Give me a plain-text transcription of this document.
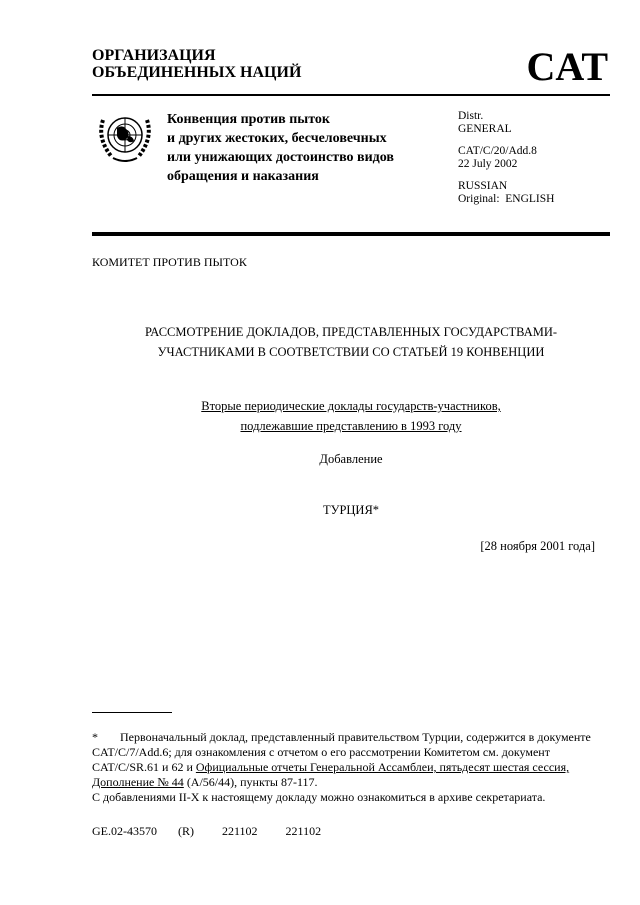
ОРГАНИЗАЦИЯ
ОБЪЕДИНЕННЫХ НАЦИЙ	CAT
Конвенция против пыток
и других жестоких, бесчеловечных
или унижающих достоинство видов
обращения и наказания
Distr.
GENERAL
CAT/C/20/Add.8
22 July 2002
RUSSIAN
Original:  ENGLISH
КОМИТЕТ ПРОТИВ ПЫТОК
РАССМОТРЕНИЕ ДОКЛАДОВ, ПРЕДСТАВЛЕННЫХ ГОСУДАРСТВАМИ-
УЧАСТНИКАМИ В СООТВЕТСТВИИ СО СТАТЬЕЙ 19 КОНВЕНЦИИ
Вторые периодические доклады государств-участников,
подлежавшие представлению в 1993 году
Добавление
ТУРЦИЯ*
[28 ноября 2001 года]
* Первоначальный доклад, представленный правительством Турции, содержится в документе CAT/C/7/Add.6; для ознакомления с отчетом о его рассмотрении Комитетом см. документ CAT/C/SR.61 и 62 и Официальные отчеты Генеральной Ассамблеи, пятьдесят шестая сессия, Дополнение № 44 (A/56/44), пункты 87-117.
С добавлениями II-X к настоящему докладу можно ознакомиться в архиве секретариата.
GE.02-43570   (R)    221102    221102
